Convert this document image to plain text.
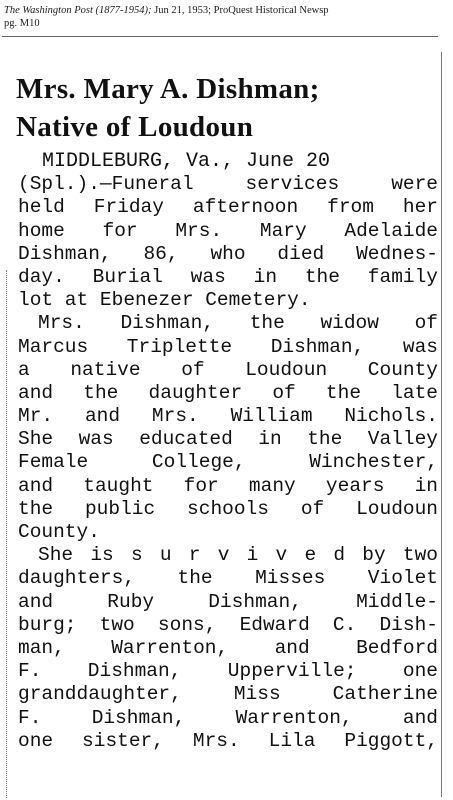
The Washington Post (1877-1954); Jun 21, 1953; ProQuest Historical Newsp
pg. M10
Mrs. Mary A. Dishman;
Native of Loudoun
MIDDLEBURG, Va., June 20
(Spl.).—Funeral services were
held Friday afternoon from her
home for Mrs. Mary Adelaide
Dishman, 86, who died Wednes-
day. Burial was in the family
lot at Ebenezer Cemetery.
Mrs. Dishman, the widow of
Marcus Triplette Dishman, was
a native of Loudoun County
and the daughter of the late
Mr. and Mrs. William Nichols.
She was educated in the Valley
Female College, Winchester,
and taught for many years in
the public schools of Loudoun
County.
She is s u r v i v e d by two
daughters, the Misses Violet
and Ruby Dishman, Middle-
burg; two sons, Edward C. Dish-
man, Warrenton, and Bedford
F. Dishman, Upperville; one
granddaughter, Miss Catherine
F. Dishman, Warrenton, and
one sister, Mrs. Lila Piggott,
